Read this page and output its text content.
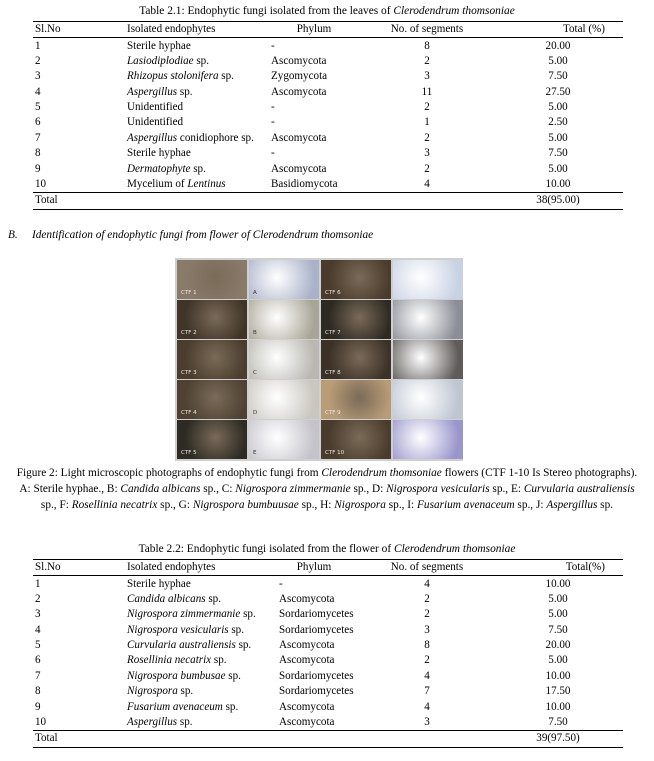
Table 2.1: Endophytic fungi isolated from the leaves of Clerodendrum thomsoniae
Sl.No	Isolated endophytes	Phylum	No. of segments	Total (%)
1	Sterile hyphae	-	8	20.00
2	Lasiodiplodiae sp.	Ascomycota	2	5.00
3	Rhizopus stolonifera sp.	Zygomycota	3	7.50
4	Aspergillus sp.	Ascomycota	11	27.50
5	Unidentified	-	2	5.00
6	Unidentified	-	1	2.50
7	Aspergillus conidiophore sp.	Ascomycota	2	5.00
8	Sterile hyphae	-	3	7.50
9	Dermatophyte sp.	Ascomycota	2	5.00
10	Mycelium of Lentinus	Basidiomycota	4	10.00
Total				38(95.00)
B. Identification of endophytic fungi from flower of Clerodendrum thomsoniae
CTF 1	A	CTF 6
CTF 2	B	CTF 7
CTF 3	C	CTF 8
CTF 4	D	CTF 9
CTF 5	E	CTF 10
Figure 2: Light microscopic photographs of endophytic fungi from Clerodendrum thomsoniae flowers (CTF 1-10 Is Stereo photographs). A: Sterile hyphae., B: Candida albicans sp., C: Nigrospora zimmermanie sp., D: Nigrospora vesicularis sp., E: Curvularia australiensis sp., F: Rosellinia necatrix sp., G: Nigrospora bumbuusae sp., H: Nigrospora sp., I: Fusarium avenaceum sp., J: Aspergillus sp.
Table 2.2: Endophytic fungi isolated from the flower of Clerodendrum thomsoniae
Sl.No	Isolated endophytes	Phylum	No. of segments	Total(%)
1	Sterile hyphae	-	4	10.00
2	Candida albicans sp.	Ascomycota	2	5.00
3	Nigrospora zimmermanie sp.	Sordariomycetes	2	5.00
4	Nigrospora vesicularis sp.	Sordariomycetes	3	7.50
5	Curvularia australiensis sp.	Ascomycota	8	20.00
6	Rosellinia necatrix sp.	Ascomycota	2	5.00
7	Nigrospora bumbusae sp.	Sordariomycetes	4	10.00
8	Nigrospora sp.	Sordariomycetes	7	17.50
9	Fusarium avenaceum sp.	Ascomycota	4	10.00
10	Aspergillus sp.	Ascomycota	3	7.50
Total				39(97.50)
